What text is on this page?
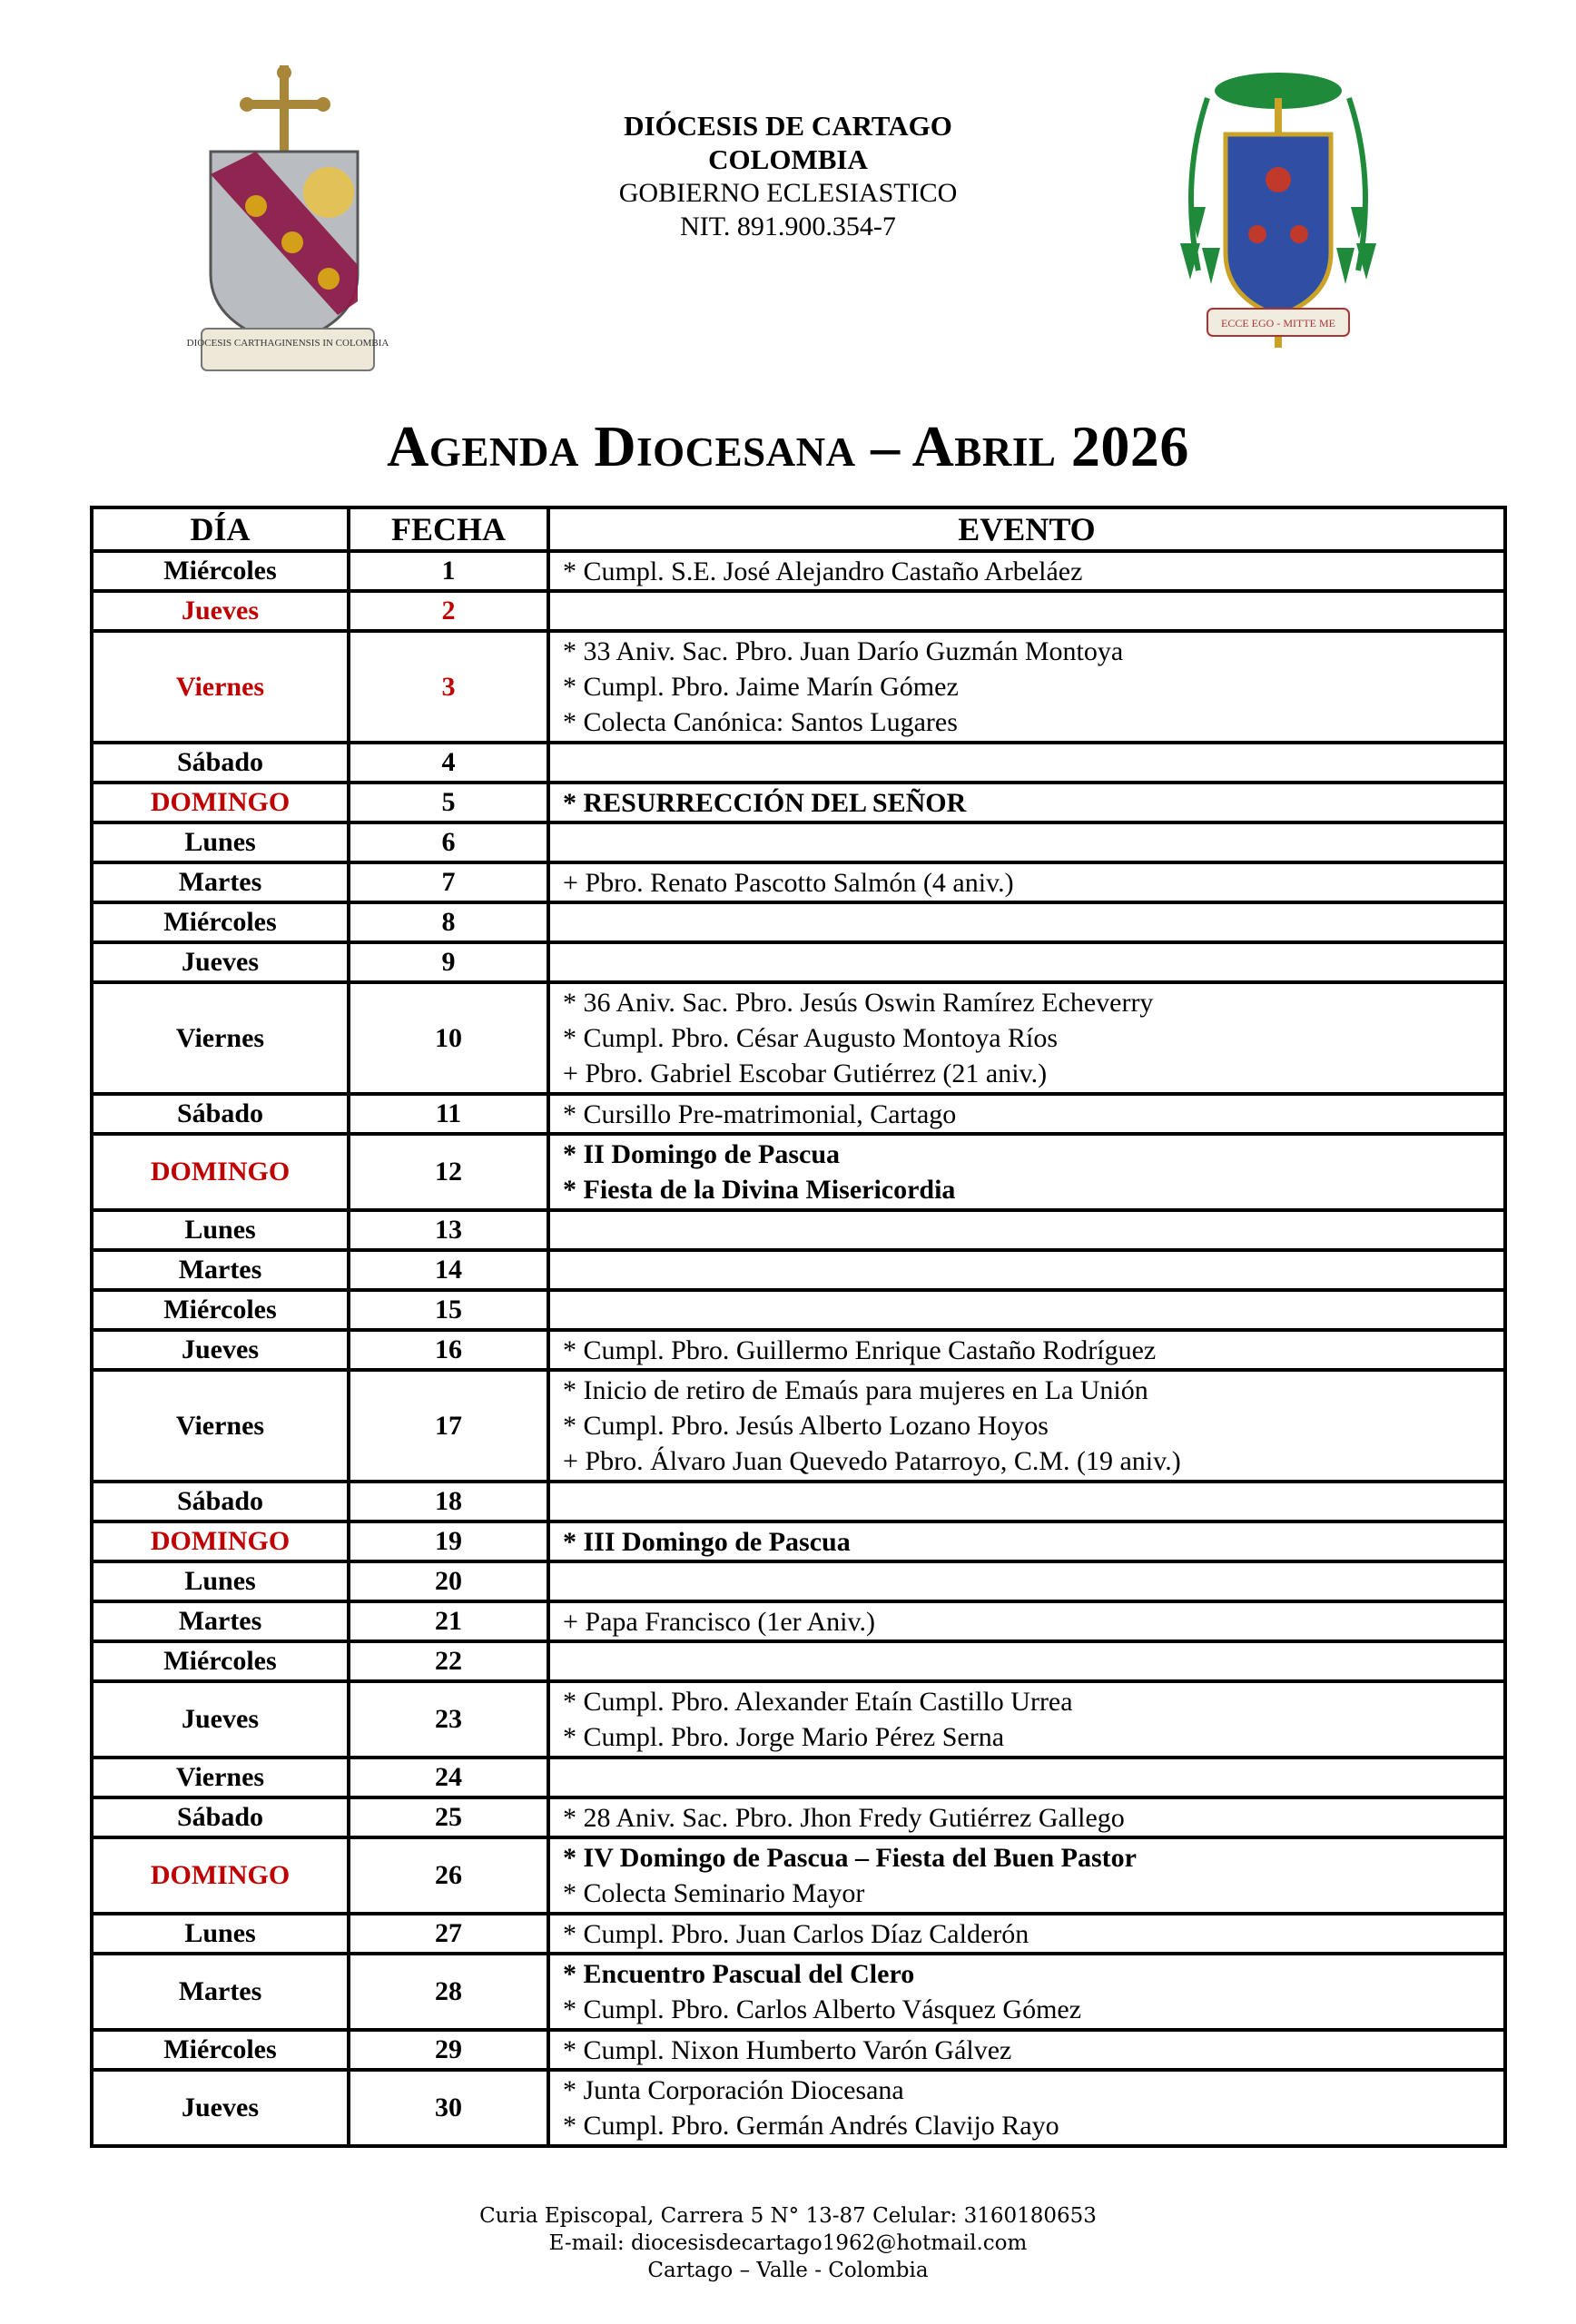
DIOCESIS CARTHAGINENSIS IN COLOMBIA
ECCE EGO - MITTE ME
DIÓCESIS DE CARTAGO
COLOMBIA
GOBIERNO ECLESIASTICO
NIT. 891.900.354-7
Agenda Diocesana – Abril 2026
DÍA	FECHA	EVENTO
Miércoles	1	* Cumpl. S.E. José Alejandro Castaño Arbeláez

Jueves	2	
Viernes	3	* 33 Aniv. Sac. Pbro. Juan Darío Guzmán Montoya
* Cumpl. Pbro. Jaime Marín Gómez
* Colecta Canónica: Santos Lugares

Sábado	4	
DOMINGO	5	* RESURRECCIÓN DEL SEÑOR

Lunes	6	
Martes	7	+ Pbro. Renato Pascotto Salmón (4 aniv.)

Miércoles	8	
Jueves	9	
Viernes	10	* 36 Aniv. Sac. Pbro. Jesús Oswin Ramírez Echeverry
* Cumpl. Pbro. César Augusto Montoya Ríos
+ Pbro. Gabriel Escobar Gutiérrez (21 aniv.)

Sábado	11	* Cursillo Pre-matrimonial, Cartago

DOMINGO	12	* II Domingo de Pascua
* Fiesta de la Divina Misericordia

Lunes	13	
Martes	14	
Miércoles	15	
Jueves	16	* Cumpl. Pbro. Guillermo Enrique Castaño Rodríguez

Viernes	17	* Inicio de retiro de Emaús para mujeres en La Unión
* Cumpl. Pbro. Jesús Alberto Lozano Hoyos
+ Pbro. Álvaro Juan Quevedo Patarroyo, C.M. (19 aniv.)

Sábado	18	
DOMINGO	19	* III Domingo de Pascua

Lunes	20	
Martes	21	+ Papa Francisco (1er Aniv.)

Miércoles	22	
Jueves	23	* Cumpl. Pbro. Alexander Etaín Castillo Urrea
* Cumpl. Pbro. Jorge Mario Pérez Serna

Viernes	24	
Sábado	25	* 28 Aniv. Sac. Pbro. Jhon Fredy Gutiérrez Gallego

DOMINGO	26	* IV Domingo de Pascua – Fiesta del Buen Pastor
* Colecta Seminario Mayor

Lunes	27	* Cumpl. Pbro. Juan Carlos Díaz Calderón

Martes	28	* Encuentro Pascual del Clero
* Cumpl. Pbro. Carlos Alberto Vásquez Gómez

Miércoles	29	* Cumpl. Nixon Humberto Varón Gálvez

Jueves	30	* Junta Corporación Diocesana
* Cumpl. Pbro. Germán Andrés Clavijo Rayo
Curia Episcopal, Carrera 5 N° 13-87 Celular: 3160180653
E-mail: diocesisdecartago1962@hotmail.com
Cartago – Valle - Colombia
